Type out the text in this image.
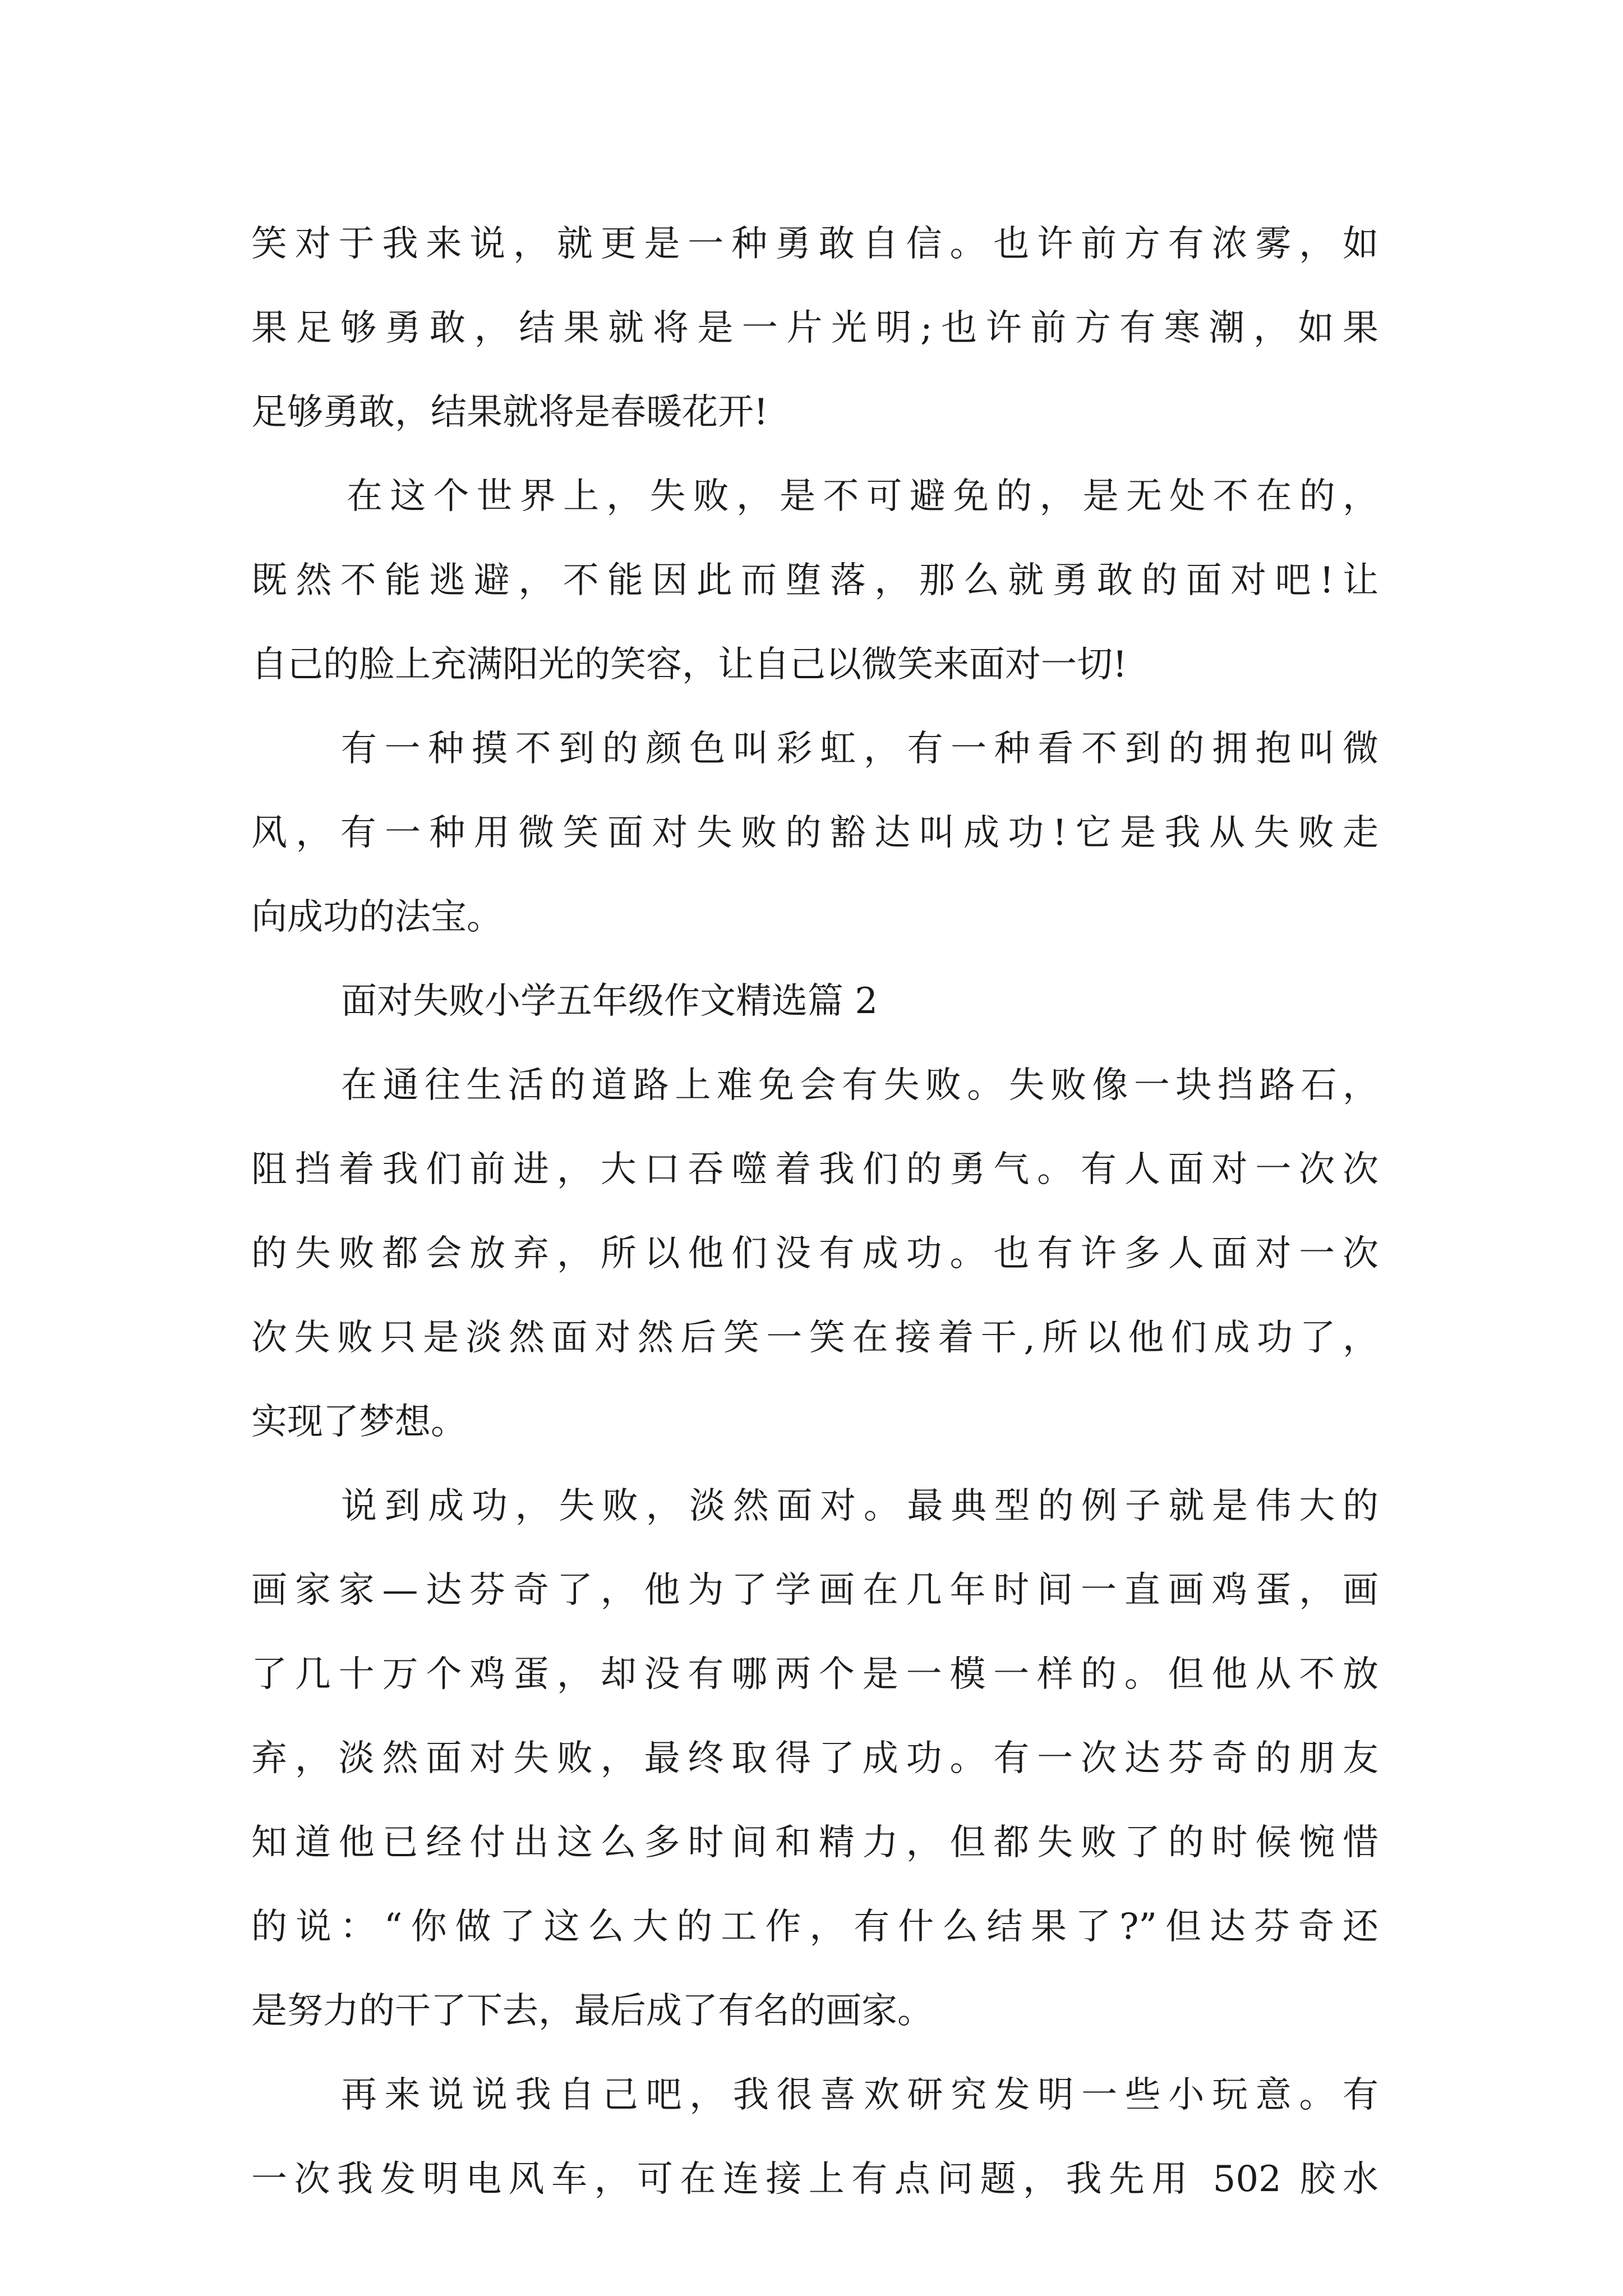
笑对于我来说，就更是一种勇敢自信。也许前方有浓雾，如
果足够勇敢，结果就将是一片光明;也许前方有寒潮，如果
足够勇敢，结果就将是春暖花开!
在这个世界上，失败，是不可避免的，是无处不在的，
既然不能逃避，不能因此而堕落，那么就勇敢的面对吧!让
自己的脸上充满阳光的笑容，让自己以微笑来面对一切!
有一种摸不到的颜色叫彩虹，有一种看不到的拥抱叫微
风，有一种用微笑面对失败的豁达叫成功!它是我从失败走
向成功的法宝。
面对失败小学五年级作文精选篇 2
在通往生活的道路上难免会有失败。失败像一块挡路石，
阻挡着我们前进，大口吞噬着我们的勇气。有人面对一次次
的失败都会放弃，所以他们没有成功。也有许多人面对一次
次失败只是淡然面对然后笑一笑在接着干,所以他们成功了，
实现了梦想。
说到成功，失败，淡然面对。最典型的例子就是伟大的
画家家—达芬奇了，他为了学画在几年时间一直画鸡蛋，画
了几十万个鸡蛋，却没有哪两个是一模一样的。但他从不放
弃，淡然面对失败，最终取得了成功。有一次达芬奇的朋友
知道他已经付出这么多时间和精力，但都失败了的时候惋惜
的说：“你做了这么大的工作，有什么结果了?”但达芬奇还
是努力的干了下去，最后成了有名的画家。
再来说说我自己吧，我很喜欢研究发明一些小玩意。有
一次我发明电风车，可在连接上有点问题，我先用 502 胶水
